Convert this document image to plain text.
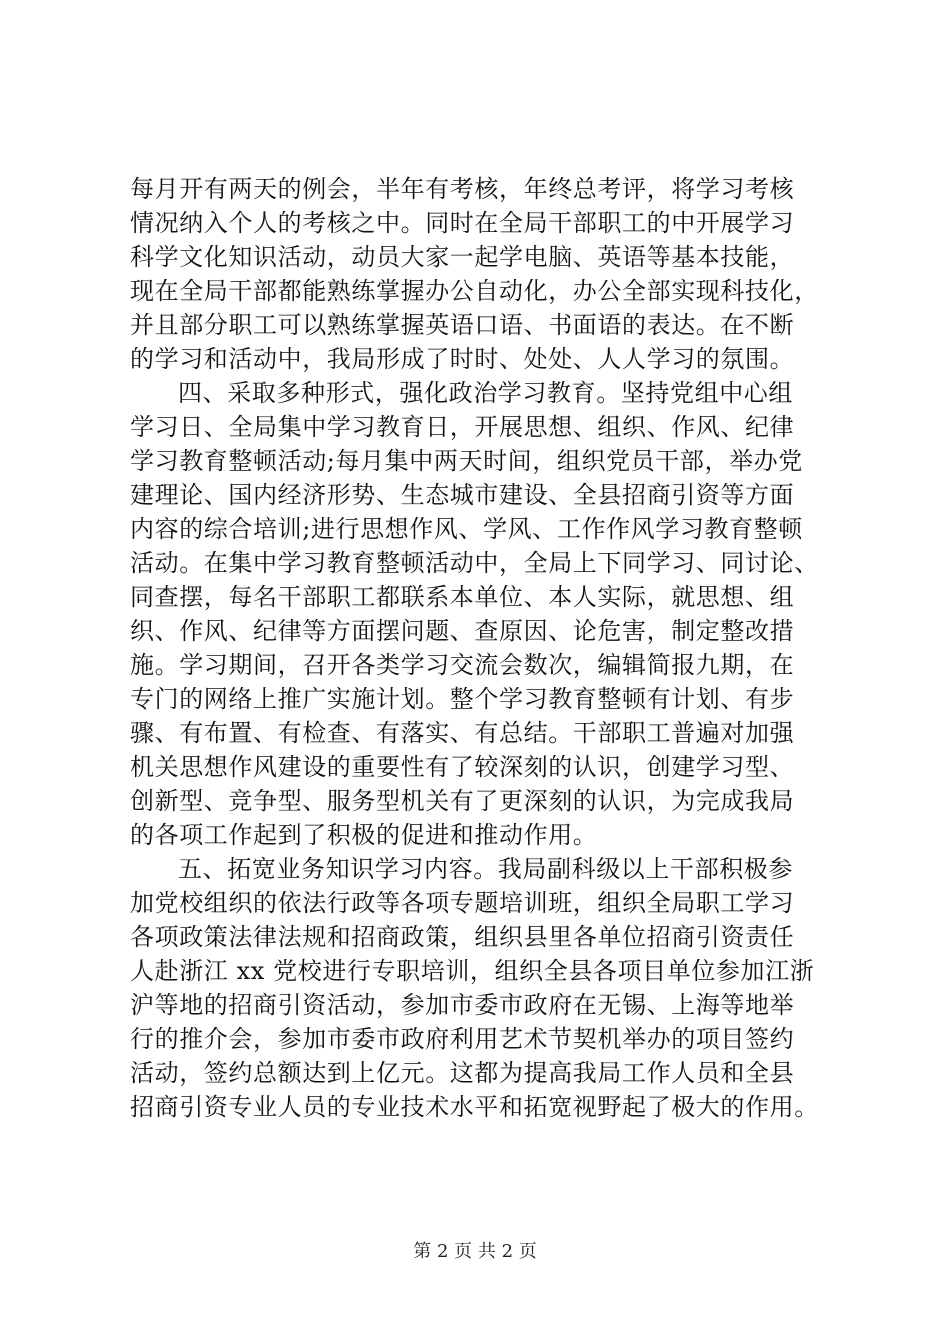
每月开有两天的例会，半年有考核，年终总考评，将学习考核
情况纳入个人的考核之中。同时在全局干部职工的中开展学习
科学文化知识活动，动员大家一起学电脑、英语等基本技能，
现在全局干部都能熟练掌握办公自动化，办公全部实现科技化，
并且部分职工可以熟练掌握英语口语、书面语的表达。在不断
的学习和活动中，我局形成了时时、处处、人人学习的氛围。
四、采取多种形式，强化政治学习教育。坚持党组中心组
学习日、全局集中学习教育日，开展思想、组织、作风、纪律
学习教育整顿活动;每月集中两天时间，组织党员干部，举办党
建理论、国内经济形势、生态城市建设、全县招商引资等方面
内容的综合培训;进行思想作风、学风、工作作风学习教育整顿
活动。在集中学习教育整顿活动中，全局上下同学习、同讨论、
同查摆，每名干部职工都联系本单位、本人实际，就思想、组
织、作风、纪律等方面摆问题、查原因、论危害，制定整改措
施。学习期间，召开各类学习交流会数次，编辑简报九期，在
专门的网络上推广实施计划。整个学习教育整顿有计划、有步
骤、有布置、有检查、有落实、有总结。干部职工普遍对加强
机关思想作风建设的重要性有了较深刻的认识，创建学习型、
创新型、竞争型、服务型机关有了更深刻的认识，为完成我局
的各项工作起到了积极的促进和推动作用。
五、拓宽业务知识学习内容。我局副科级以上干部积极参
加党校组织的依法行政等各项专题培训班，组织全局职工学习
各项政策法律法规和招商政策，组织县里各单位招商引资责任
人赴浙江 xx 党校进行专职培训，组织全县各项目单位参加江浙
沪等地的招商引资活动，参加市委市政府在无锡、上海等地举
行的推介会，参加市委市政府利用艺术节契机举办的项目签约
活动，签约总额达到上亿元。这都为提高我局工作人员和全县
招商引资专业人员的专业技术水平和拓宽视野起了极大的作用。
第 2 页 共 2 页
